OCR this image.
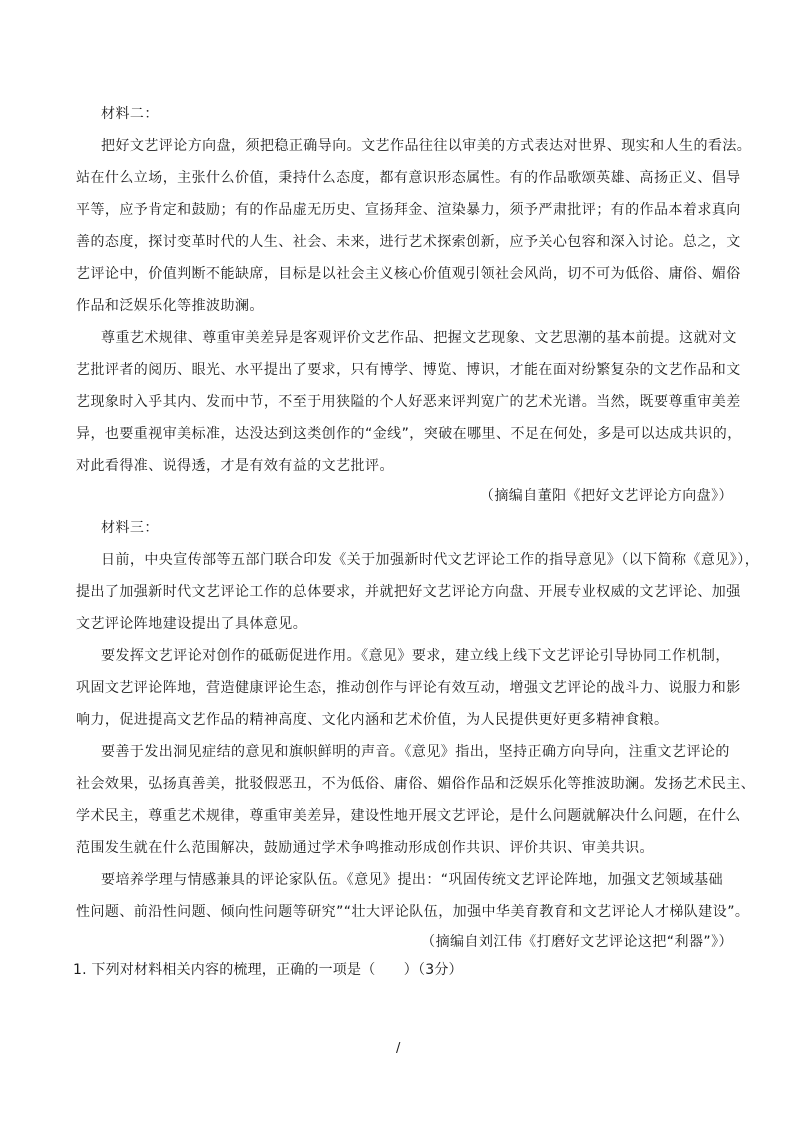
材料二：
把好文艺评论方向盘，须把稳正确导向。文艺作品往往以审美的方式表达对世界、现实和人生的看法。
站在什么立场，主张什么价值，秉持什么态度，都有意识形态属性。有的作品歌颂英雄、高扬正义、倡导
平等，应予肯定和鼓励；有的作品虚无历史、宣扬拜金、渲染暴力，须予严肃批评；有的作品本着求真向
善的态度，探讨变革时代的人生、社会、未来，进行艺术探索创新，应予关心包容和深入讨论。总之，文
艺评论中，价值判断不能缺席，目标是以社会主义核心价值观引领社会风尚，切不可为低俗、庸俗、媚俗
作品和泛娱乐化等推波助澜。
尊重艺术规律、尊重审美差异是客观评价文艺作品、把握文艺现象、文艺思潮的基本前提。这就对文
艺批评者的阅历、眼光、水平提出了要求，只有博学、博览、博识，才能在面对纷繁复杂的文艺作品和文
艺现象时入乎其内、发而中节，不至于用狭隘的个人好恶来评判宽广的艺术光谱。当然，既要尊重审美差
异，也要重视审美标准，达没达到这类创作的“金线”，突破在哪里、不足在何处，多是可以达成共识的，
对此看得准、说得透，才是有效有益的文艺批评。
（摘编自董阳《把好文艺评论方向盘》）
材料三：
日前，中央宣传部等五部门联合印发《关于加强新时代文艺评论工作的指导意见》（以下简称《意见》），
提出了加强新时代文艺评论工作的总体要求，并就把好文艺评论方向盘、开展专业权威的文艺评论、加强
文艺评论阵地建设提出了具体意见。
要发挥文艺评论对创作的砥砺促进作用。《意见》要求，建立线上线下文艺评论引导协同工作机制，
巩固文艺评论阵地，营造健康评论生态，推动创作与评论有效互动，增强文艺评论的战斗力、说服力和影
响力，促进提高文艺作品的精神高度、文化内涵和艺术价值，为人民提供更好更多精神食粮。
要善于发出洞见症结的意见和旗帜鲜明的声音。《意见》指出，坚持正确方向导向，注重文艺评论的
社会效果，弘扬真善美，批驳假恶丑，不为低俗、庸俗、媚俗作品和泛娱乐化等推波助澜。发扬艺术民主、
学术民主，尊重艺术规律，尊重审美差异，建设性地开展文艺评论，是什么问题就解决什么问题，在什么
范围发生就在什么范围解决，鼓励通过学术争鸣推动形成创作共识、评价共识、审美共识。
要培养学理与情感兼具的评论家队伍。《意见》提出：“巩固传统文艺评论阵地，加强文艺领域基础
性问题、前沿性问题、倾向性问题等研究”“壮大评论队伍，加强中华美育教育和文艺评论人才梯队建设”。
（摘编自刘江伟《打磨好文艺评论这把“利器”》）
1. 下列对材料相关内容的梳理，正确的一项是（　　）（3分）
/
